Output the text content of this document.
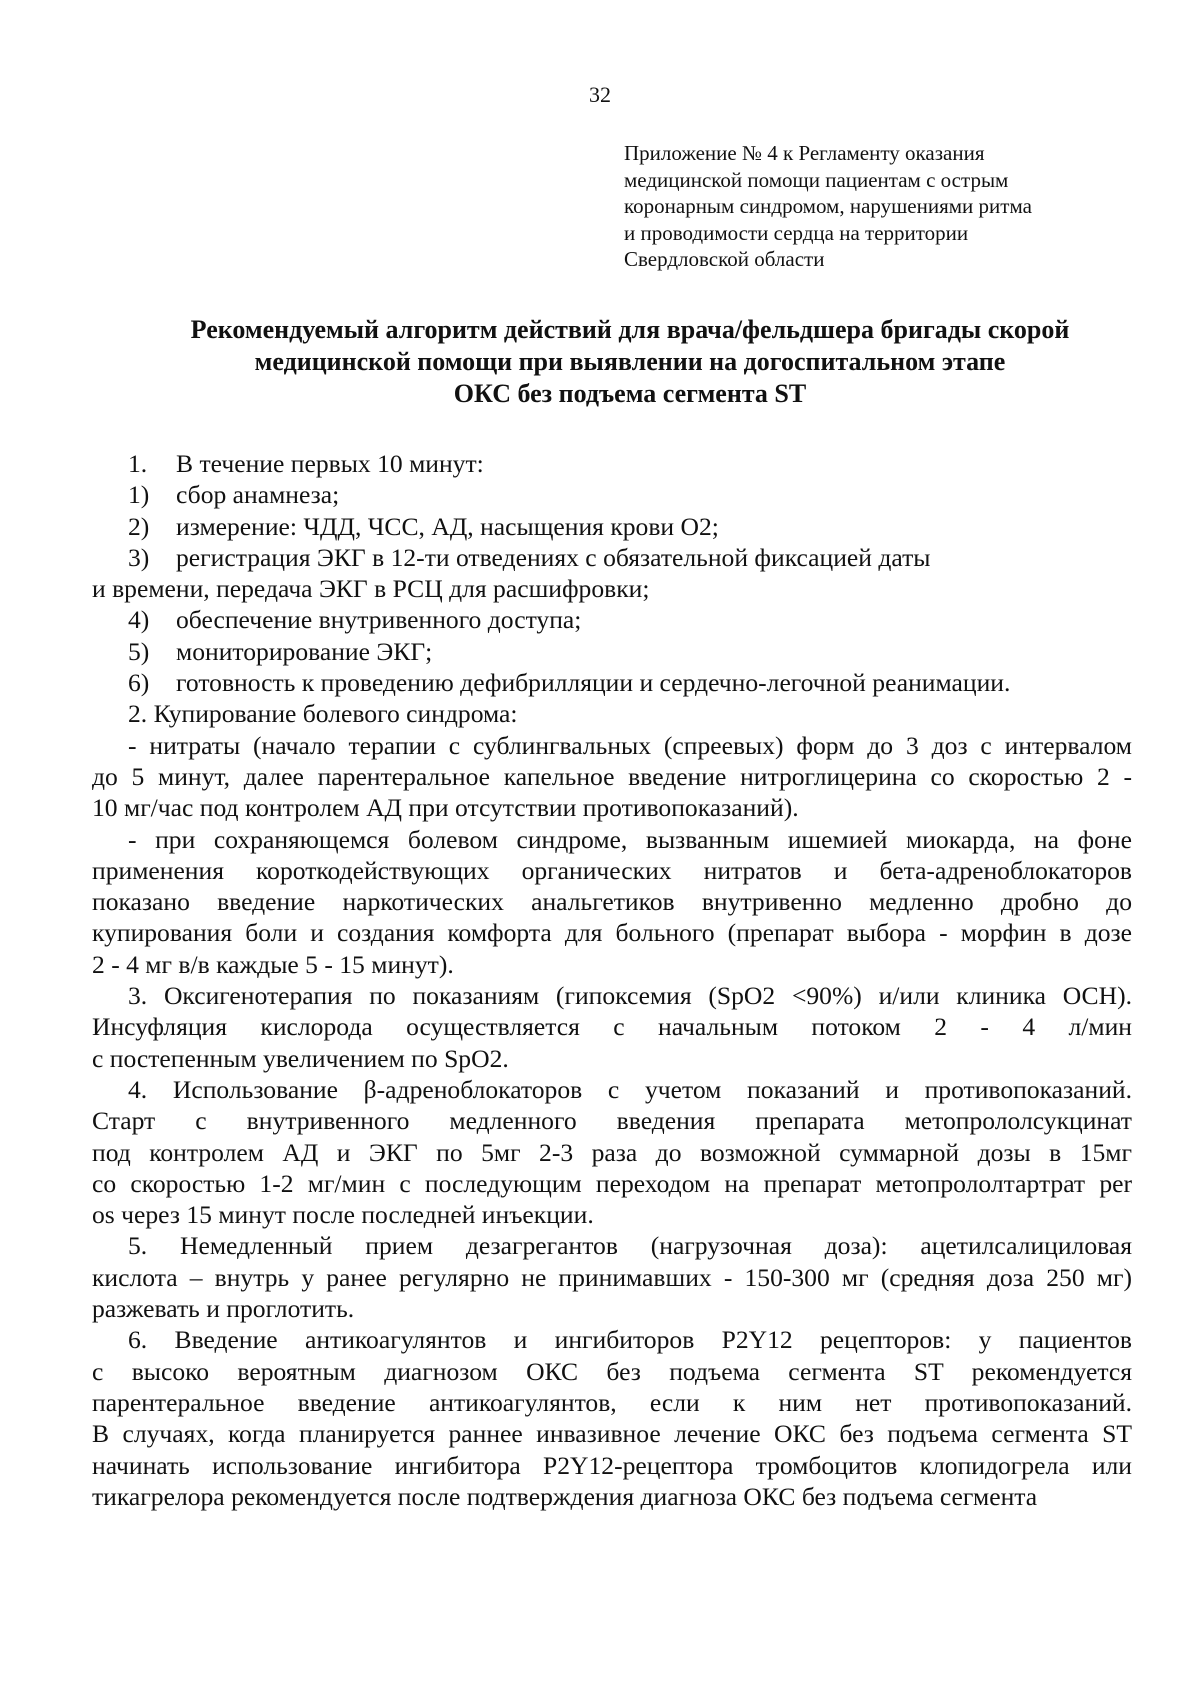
32
Приложение № 4 к Регламенту оказания
медицинской помощи пациентам с острым
коронарным синдромом, нарушениями ритма
и проводимости сердца на территории
Свердловской области
Рекомендуемый алгоритм действий для врача/фельдшера бригады скорой
медицинской помощи при выявлении на догоспитальном этапе
ОКС без подъема сегмента ST
1.	В течение первых 10 минут:
1)	сбор анамнеза;
2)	измерение: ЧДД, ЧСС, АД, насыщения крови О2;
3)	регистрация ЭКГ в 12-ти отведениях с обязательной фиксацией даты
и времени, передача ЭКГ в РСЦ для расшифровки;
4)	обеспечение внутривенного доступа;
5)	мониторирование ЭКГ;
6)	готовность к проведению дефибрилляции и сердечно-легочной реанимации.
2. Купирование болевого синдрома:
- нитраты (начало терапии с сублингвальных (спреевых) форм до 3 доз с интервалом
до 5 минут, далее парентеральное капельное введение нитроглицерина со скоростью 2 -
10 мг/час под контролем АД при отсутствии противопоказаний).
- при сохраняющемся болевом синдроме, вызванным ишемией миокарда, на фоне
применения короткодействующих органических нитратов и бета-адреноблокаторов
показано введение наркотических анальгетиков внутривенно медленно дробно до
купирования боли и создания комфорта для больного (препарат выбора - морфин в дозе
2 - 4 мг в/в каждые 5 - 15 минут).
3. Оксигенотерапия по показаниям (гипоксемия (SpO2 <90%) и/или клиника ОСН).
Инсуфляция кислорода осуществляется с начальным потоком 2 - 4 л/мин
с постепенным увеличением по SpO2.
4. Использование β-адреноблокаторов с учетом показаний и противопоказаний.
Старт с внутривенного медленного введения препарата метопрололсукцинат
под контролем АД и ЭКГ по 5мг 2-3 раза до возможной суммарной дозы в 15мг
со скоростью 1-2 мг/мин с последующим переходом на препарат метопрололтартрат per
os через 15 минут после последней инъекции.
5. Немедленный прием дезагрегантов (нагрузочная доза): ацетилсалициловая
кислота – внутрь у ранее регулярно не принимавших - 150-300 мг (средняя доза 250 мг)
разжевать и проглотить.
6. Введение антикоагулянтов и ингибиторов Р2Y12 рецепторов: у пациентов
с высоко вероятным диагнозом ОКС без подъема сегмента ST рекомендуется
парентеральное введение антикоагулянтов, если к ним нет противопоказаний.
В случаях, когда планируется раннее инвазивное лечение ОКС без подъема сегмента ST
начинать использование ингибитора Р2Y12-рецептора тромбоцитов клопидогрела или
тикагрелора рекомендуется после подтверждения диагноза ОКС без подъема сегмента
